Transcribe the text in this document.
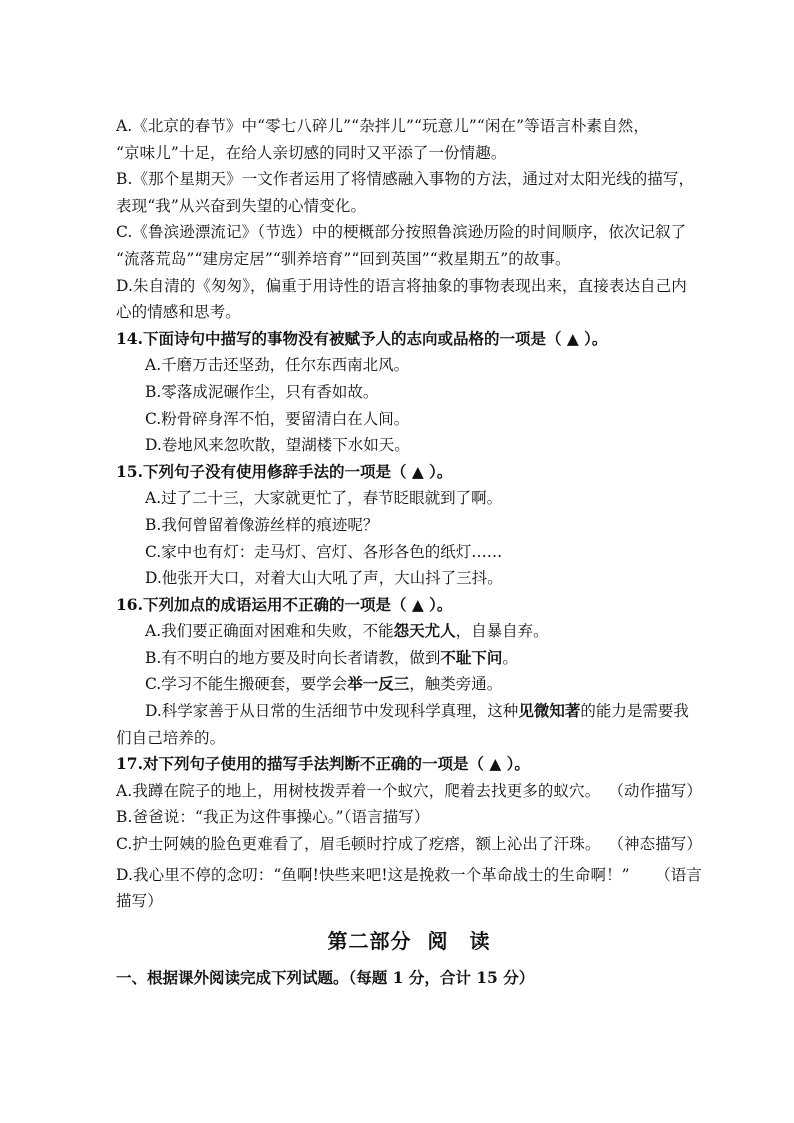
A.《北京的春节》中“零七八碎儿”“杂拌儿”“玩意儿”“闲在”等语言朴素自然，
“京味儿”十足，在给人亲切感的同时又平添了一份情趣。
B.《那个星期天》一文作者运用了将情感融入事物的方法，通过对太阳光线的描写，
表现“我”从兴奋到失望的心情变化。
C.《鲁滨逊漂流记》（节选）中的梗概部分按照鲁滨逊历险的时间顺序，依次记叙了
“流落荒岛”“建房定居”“驯养培育”“回到英国”“救星期五”的故事。
D.朱自清的《匆匆》，偏重于用诗性的语言将抽象的事物表现出来，直接表达自己内
心的情感和思考。
14.下面诗句中描写的事物没有被赋予人的志向或品格的一项是（ ▲ ）。
A.千磨万击还坚劲，任尔东西南北风。
B.零落成泥碾作尘，只有香如故。
C.粉骨碎身浑不怕，要留清白在人间。
D.卷地风来忽吹散，望湖楼下水如天。
15.下列句子没有使用修辞手法的一项是（ ▲ ）。
A.过了二十三，大家就更忙了，春节眨眼就到了啊。
B.我何曾留着像游丝样的痕迹呢？
C.家中也有灯：走马灯、宫灯、各形各色的纸灯……
D.他张开大口，对着大山大吼了声，大山抖了三抖。
16.下列加点的成语运用不正确的一项是（ ▲ ）。
A.我们要正确面对困难和失败，不能怨天尤人，自暴自弃。
B.有不明白的地方要及时向长者请教，做到不耻下问。
C.学习不能生搬硬套，要学会举一反三，触类旁通。
D.科学家善于从日常的生活细节中发现科学真理，这种见微知著的能力是需要我
们自己培养的。
17.对下列句子使用的描写手法判断不正确的一项是（ ▲ ）。
A.我蹲在院子的地上，用树枝拨弄着一个蚁穴，爬着去找更多的蚁穴。 （动作描写）
B.爸爸说：“我正为这件事操心。”（语言描写）
C.护士阿姨的脸色更难看了，眉毛顿时拧成了疙瘩，额上沁出了汗珠。 （神态描写）
D.我心里不停的念叨：“鱼啊!快些来吧!这是挽救一个革命战士的生命啊！” （语言
描写）
第二部分 阅　读
一、根据课外阅读完成下列试题。（每题 1 分，合计 15 分）
